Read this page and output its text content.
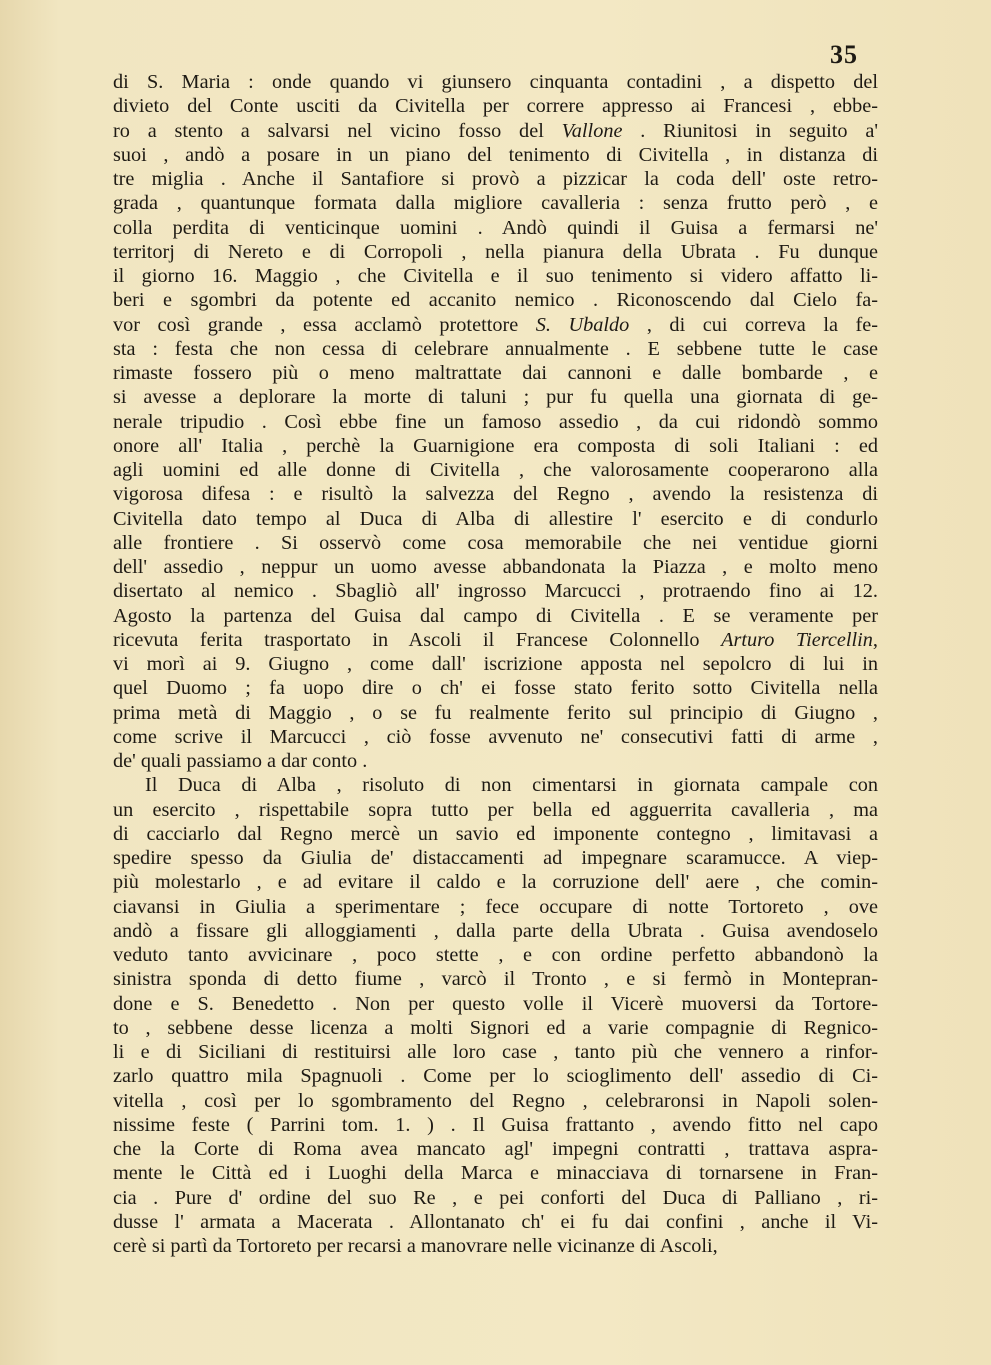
35
di S. Maria : onde quando vi giunsero cinquanta contadini , a dispetto del
divieto del Conte usciti da Civitella per correre appresso ai Francesi , ebbe-
ro a stento a salvarsi nel vicino fosso del Vallone . Riunitosi in seguito a'
suoi , andò a posare in un piano del tenimento di Civitella , in distanza di
tre miglia . Anche il Santafiore si provò a pizzicar la coda dell' oste retro-
grada , quantunque formata dalla migliore cavalleria : senza frutto però , e
colla perdita di venticinque uomini . Andò quindi il Guisa a fermarsi ne'
territorj di Nereto e di Corropoli , nella pianura della Ubrata . Fu dunque
il giorno 16. Maggio , che Civitella e il suo tenimento si videro affatto li-
beri e sgombri da potente ed accanito nemico . Riconoscendo dal Cielo fa-
vor così grande , essa acclamò protettore S. Ubaldo , di cui correva la fe-
sta : festa che non cessa di celebrare annualmente . E sebbene tutte le case
rimaste fossero più o meno maltrattate dai cannoni e dalle bombarde , e
si avesse a deplorare la morte di taluni ; pur fu quella una giornata di ge-
nerale tripudio . Così ebbe fine un famoso assedio , da cui ridondò sommo
onore all' Italia , perchè la Guarnigione era composta di soli Italiani : ed
agli uomini ed alle donne di Civitella , che valorosamente cooperarono alla
vigorosa difesa : e risultò la salvezza del Regno , avendo la resistenza di
Civitella dato tempo al Duca di Alba di allestire l' esercito e di condurlo
alle frontiere . Si osservò come cosa memorabile che nei ventidue giorni
dell' assedio , neppur un uomo avesse abbandonata la Piazza , e molto meno
disertato al nemico . Sbagliò all' ingrosso Marcucci , protraendo fino ai 12.
Agosto la partenza del Guisa dal campo di Civitella . E se veramente per
ricevuta ferita trasportato in Ascoli il Francese Colonnello Arturo Tiercellin,
vi morì ai 9. Giugno , come dall' iscrizione apposta nel sepolcro di lui in
quel Duomo ; fa uopo dire o ch' ei fosse stato ferito sotto Civitella nella
prima metà di Maggio , o se fu realmente ferito sul principio di Giugno ,
come scrive il Marcucci , ciò fosse avvenuto ne' consecutivi fatti di arme ,
de' quali passiamo a dar conto .
Il Duca di Alba , risoluto di non cimentarsi in giornata campale con
un esercito , rispettabile sopra tutto per bella ed agguerrita cavalleria , ma
di cacciarlo dal Regno mercè un savio ed imponente contegno , limitavasi a
spedire spesso da Giulia de' distaccamenti ad impegnare scaramucce. A viep-
più molestarlo , e ad evitare il caldo e la corruzione dell' aere , che comin-
ciavansi in Giulia a sperimentare ; fece occupare di notte Tortoreto , ove
andò a fissare gli alloggiamenti , dalla parte della Ubrata . Guisa avendoselo
veduto tanto avvicinare , poco stette , e con ordine perfetto abbandonò la
sinistra sponda di detto fiume , varcò il Tronto , e si fermò in Montepran-
done e S. Benedetto . Non per questo volle il Vicerè muoversi da Tortore-
to , sebbene desse licenza a molti Signori ed a varie compagnie di Regnico-
li e di Siciliani di restituirsi alle loro case , tanto più che vennero a rinfor-
zarlo quattro mila Spagnuoli . Come per lo scioglimento dell' assedio di Ci-
vitella , così per lo sgombramento del Regno , celebraronsi in Napoli solen-
nissime feste ( Parrini tom. 1. ) . Il Guisa frattanto , avendo fitto nel capo
che la Corte di Roma avea mancato agl' impegni contratti , trattava aspra-
mente le Città ed i Luoghi della Marca e minacciava di tornarsene in Fran-
cia . Pure d' ordine del suo Re , e pei conforti del Duca di Palliano , ri-
dusse l' armata a Macerata . Allontanato ch' ei fu dai confini , anche il Vi-
cerè si partì da Tortoreto per recarsi a manovrare nelle vicinanze di Ascoli,
